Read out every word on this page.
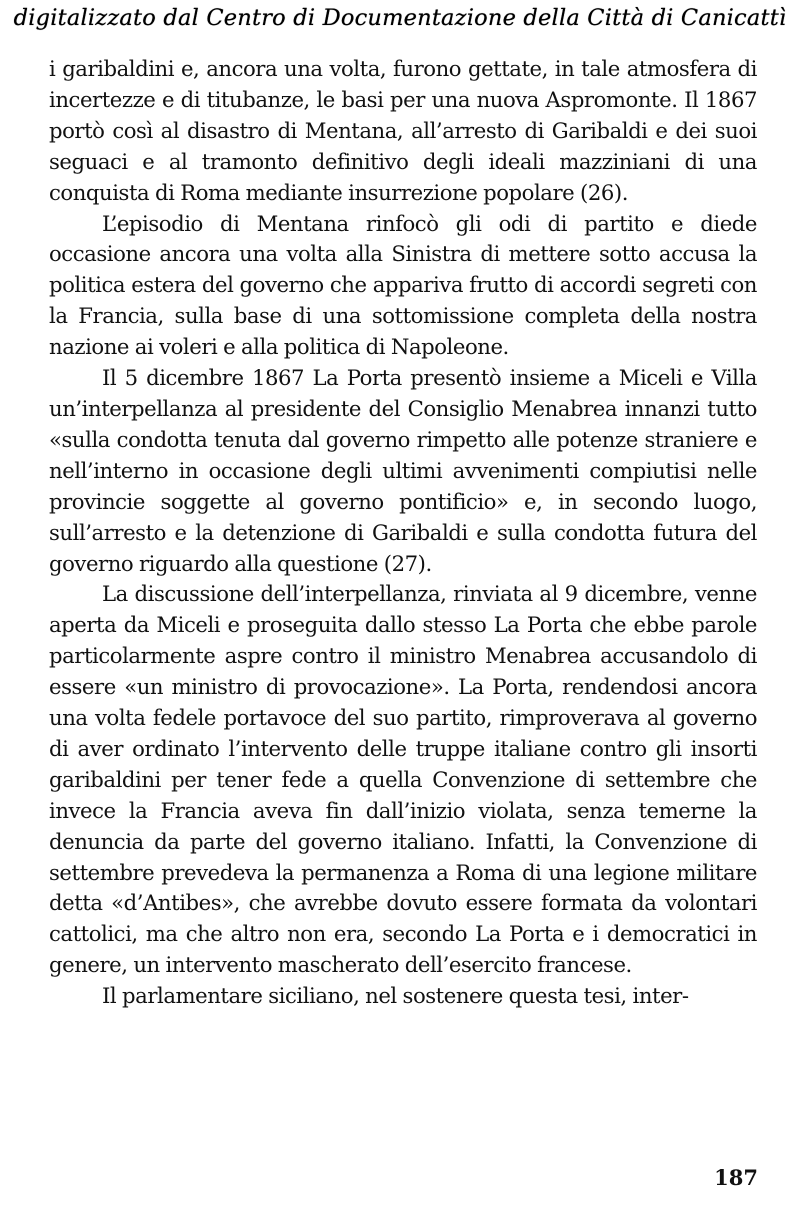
digitalizzato dal Centro di Documentazione della Città di Canicattì

i garibaldini e, ancora una volta, furono gettate, in tale atmosfera di incertezze e di titubanze, le basi per una nuova Aspromonte. Il 1867 portò così al disastro di Mentana, all’arresto di Garibaldi e dei suoi seguaci e al tramonto definitivo degli ideali mazziniani di una conquista di Roma mediante insurrezione popolare (26).

L’episodio di Mentana rinfocò gli odi di partito e diede occasione ancora una volta alla Sinistra di mettere sotto accusa la politica estera del governo che appariva frutto di accordi segreti con la Francia, sulla base di una sottomissione completa della nostra nazione ai voleri e alla politica di Napoleone.

Il 5 dicembre 1867 La Porta presentò insieme a Miceli e Villa un’interpellanza al presidente del Consiglio Menabrea innanzi tutto «sulla condotta tenuta dal governo rimpetto alle potenze straniere e nell’interno in occasione degli ultimi avvenimenti compiutisi nelle provincie soggette al governo pontificio» e, in secondo luogo, sull’arresto e la detenzione di Garibaldi e sulla condotta futura del governo riguardo alla questione (27).

La discussione dell’interpellanza, rinviata al 9 dicembre, venne aperta da Miceli e proseguita dallo stesso La Porta che ebbe parole particolarmente aspre contro il ministro Menabrea accusandolo di essere «un ministro di provocazione». La Porta, rendendosi ancora una volta fedele portavoce del suo partito, rimproverava al governo di aver ordinato l’intervento delle truppe italiane contro gli insorti garibaldini per tener fede a quella Convenzione di settembre che invece la Francia aveva fin dall’inizio violata, senza temerne la denuncia da parte del governo italiano. Infatti, la Convenzione di settembre prevedeva la permanenza a Roma di una legione militare detta «d’Antibes», che avrebbe dovuto essere formata da volontari cattolici, ma che altro non era, secondo La Porta e i democratici in genere, un intervento mascherato dell’esercito francese.

Il parlamentare siciliano, nel sostenere questa tesi, inter-

187
